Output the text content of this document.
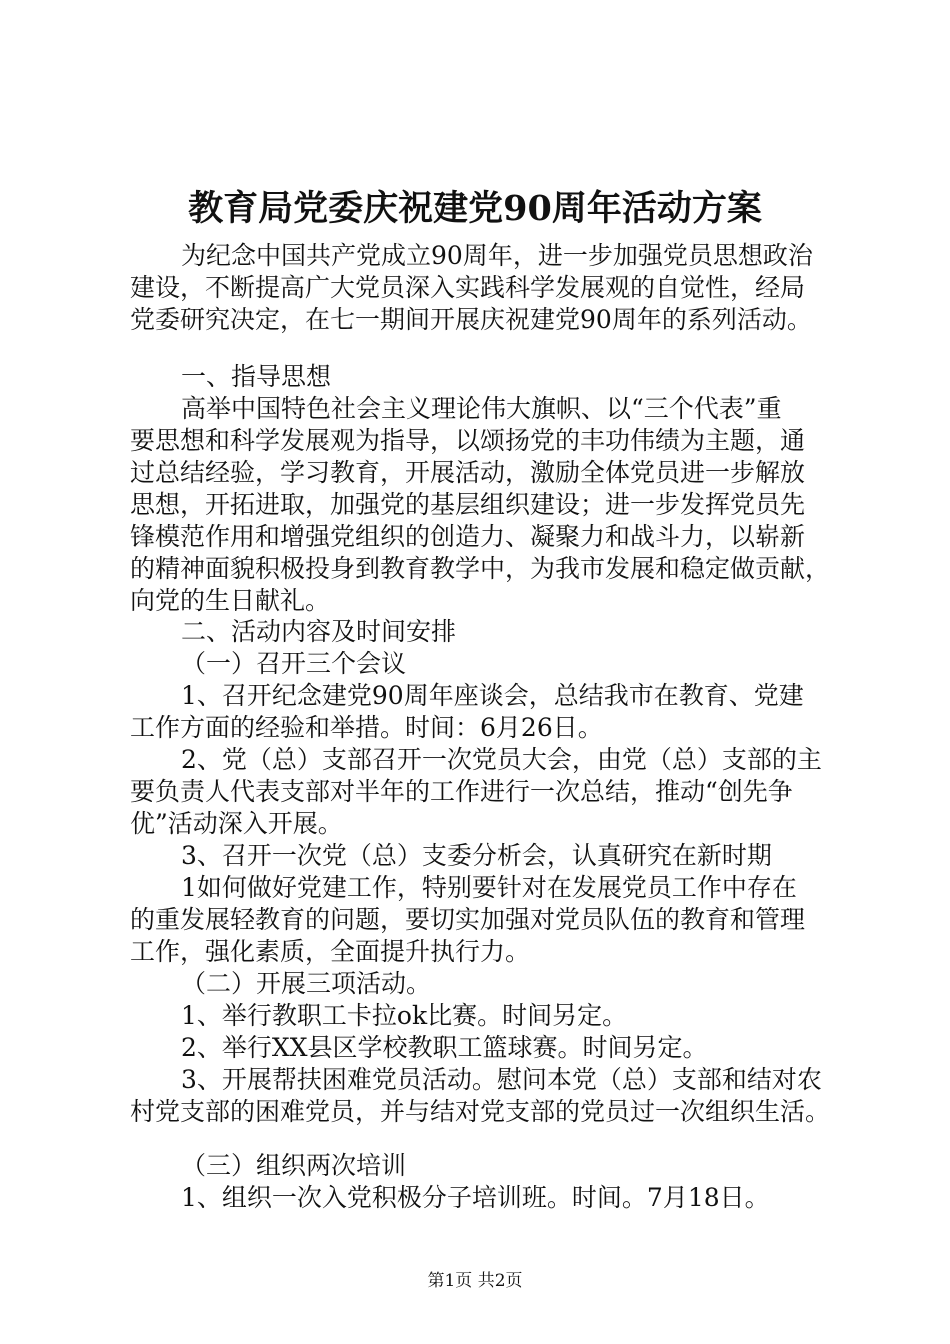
教育局党委庆祝建党90周年活动方案
为纪念中国共产党成立90周年，进一步加强党员思想政治
建设，不断提高广大党员深入实践科学发展观的自觉性，经局
党委研究决定，在七一期间开展庆祝建党90周年的系列活动。
一、指导思想
高举中国特色社会主义理论伟大旗帜、以“三个代表”重
要思想和科学发展观为指导，以颂扬党的丰功伟绩为主题，通
过总结经验，学习教育，开展活动，激励全体党员进一步解放
思想，开拓进取，加强党的基层组织建设；进一步发挥党员先
锋模范作用和增强党组织的创造力、凝聚力和战斗力，以崭新
的精神面貌积极投身到教育教学中，为我市发展和稳定做贡献，
向党的生日献礼。
二、活动内容及时间安排
（一）召开三个会议
1、召开纪念建党90周年座谈会，总结我市在教育、党建
工作方面的经验和举措。时间：6月26日。
2、党（总）支部召开一次党员大会，由党（总）支部的主
要负责人代表支部对半年的工作进行一次总结，推动“创先争
优”活动深入开展。
3、召开一次党（总）支委分析会，认真研究在新时期
1如何做好党建工作，特别要针对在发展党员工作中存在
的重发展轻教育的问题，要切实加强对党员队伍的教育和管理
工作，强化素质，全面提升执行力。
（二）开展三项活动。
1、举行教职工卡拉ok比赛。时间另定。
2、举行XX县区学校教职工篮球赛。时间另定。
3、开展帮扶困难党员活动。慰问本党（总）支部和结对农
村党支部的困难党员，并与结对党支部的党员过一次组织生活。
（三）组织两次培训
1、组织一次入党积极分子培训班。时间。7月18日。
第1页 共2页
